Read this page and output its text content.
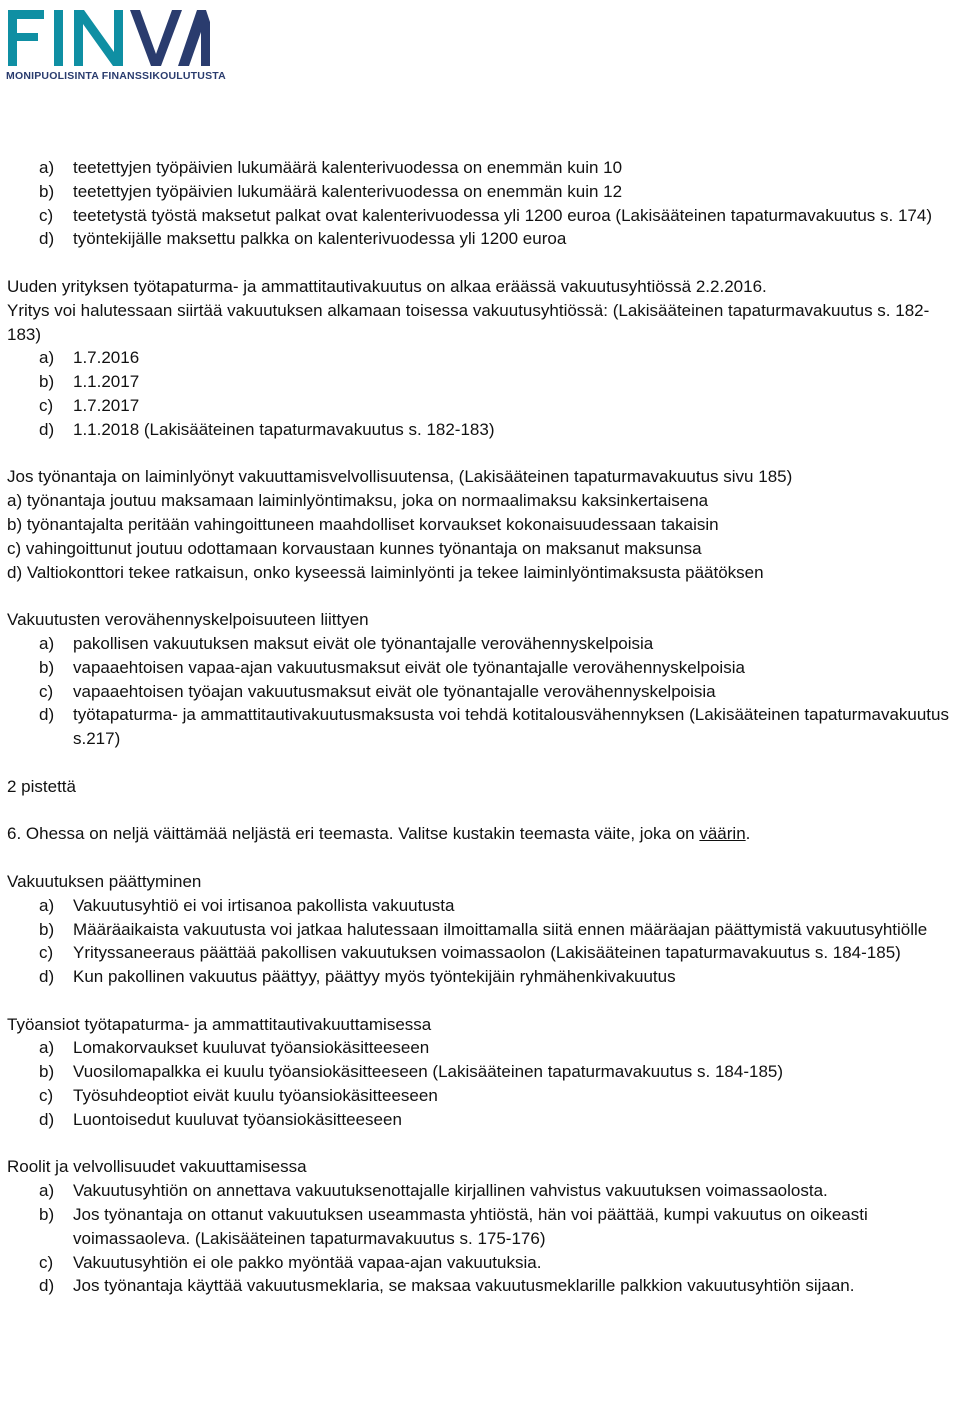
MONIPUOLISINTA FINANSSIKOULUTUSTA
a)	teetettyjen työpäivien lukumäärä kalenterivuodessa on enemmän kuin 10
b)	teetettyjen työpäivien lukumäärä kalenterivuodessa on enemmän kuin 12
c)	teetetystä työstä maksetut palkat ovat kalenterivuodessa yli 1200 euroa (Lakisääteinen tapaturmavakuutus s. 174)
d)	työntekijälle maksettu palkka on kalenterivuodessa yli 1200 euroa

Uuden yrityksen työtapaturma- ja ammattitautivakuutus on alkaa eräässä vakuutusyhtiössä 2.2.2016.

Yritys voi halutessaan siirtää vakuutuksen alkamaan toisessa vakuutusyhtiössä: (Lakisääteinen tapaturmavakuutus s. 182-183)

a)	1.7.2016
b)	1.1.2017
c)	1.7.2017
d)	1.1.2018 (Lakisääteinen tapaturmavakuutus s. 182-183)

Jos työnantaja on laiminlyönyt vakuuttamisvelvollisuutensa, (Lakisääteinen tapaturmavakuutus sivu 185)

a) työnantaja joutuu maksamaan laiminlyöntimaksu, joka on normaalimaksu kaksinkertaisena

b) työnantajalta peritään vahingoittuneen maahdolliset korvaukset kokonaisuudessaan takaisin

c) vahingoittunut joutuu odottamaan korvaustaan kunnes työnantaja on maksanut maksunsa

d) Valtiokonttori tekee ratkaisun, onko kyseessä laiminlyönti ja tekee laiminlyöntimaksusta päätöksen

Vakuutusten verovähennyskelpoisuuteen liittyen

a)	pakollisen vakuutuksen maksut eivät ole työnantajalle verovähennyskelpoisia
b)	vapaaehtoisen vapaa-ajan vakuutusmaksut eivät ole työnantajalle verovähennyskelpoisia
c)	vapaaehtoisen työajan vakuutusmaksut eivät ole työnantajalle verovähennyskelpoisia
d)	työtapaturma- ja ammattitautivakuutusmaksusta voi tehdä kotitalousvähennyksen (Lakisääteinen tapaturmavakuutus s.217)

2 pistettä

6. Ohessa on neljä väittämää neljästä eri teemasta. Valitse kustakin teemasta väite, joka on väärin.

Vakuutuksen päättyminen

a)	Vakuutusyhtiö ei voi irtisanoa pakollista vakuutusta
b)	Määräaikaista vakuutusta voi jatkaa halutessaan ilmoittamalla siitä ennen määräajan päättymistä vakuutusyhtiölle
c)	Yrityssaneeraus päättää pakollisen vakuutuksen voimassaolon (Lakisääteinen tapaturmavakuutus s. 184-185)
d)	Kun pakollinen vakuutus päättyy, päättyy myös työntekijäin ryhmähenkivakuutus

Työansiot työtapaturma- ja ammattitautivakuuttamisessa

a)	Lomakorvaukset kuuluvat työansiokäsitteeseen
b)	Vuosilomapalkka ei kuulu työansiokäsitteeseen (Lakisääteinen tapaturmavakuutus s. 184-185)
c)	Työsuhdeoptiot eivät kuulu työansiokäsitteeseen
d)	Luontoisedut kuuluvat työansiokäsitteeseen

Roolit ja velvollisuudet vakuuttamisessa

a)	Vakuutusyhtiön on annettava vakuutuksenottajalle kirjallinen vahvistus vakuutuksen voimassaolosta.
b)	Jos työnantaja on ottanut vakuutuksen useammasta yhtiöstä, hän voi päättää, kumpi vakuutus on oikeasti voimassaoleva. (Lakisääteinen tapaturmavakuutus s. 175-176)
c)	Vakuutusyhtiön ei ole pakko myöntää vapaa-ajan vakuutuksia.
d)	Jos työnantaja käyttää vakuutusmeklaria, se maksaa vakuutusmeklarille palkkion vakuutusyhtiön sijaan.
